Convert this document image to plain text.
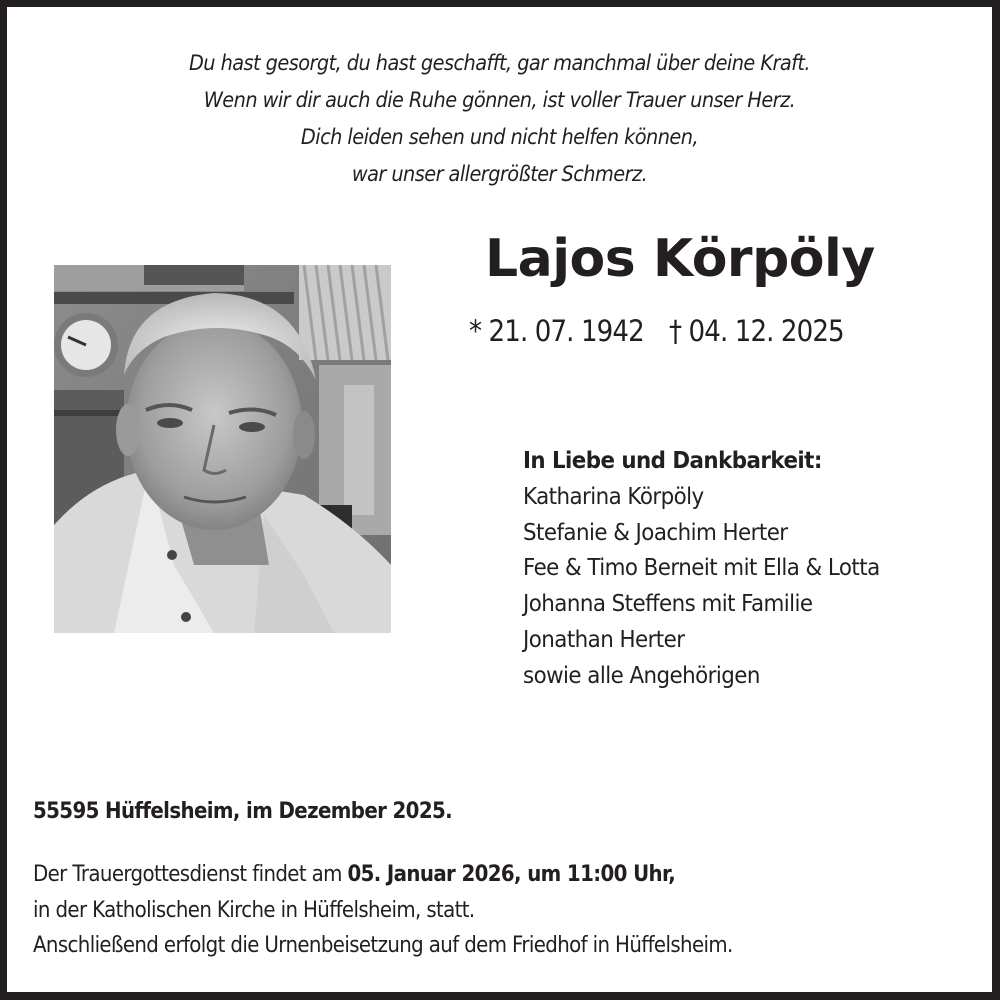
Du hast gesorgt, du hast geschafft, gar manchmal über deine Kraft.
Wenn wir dir auch die Ruhe gönnen, ist voller Trauer unser Herz.
Dich leiden sehen und nicht helfen können,
war unser allergrößter Schmerz.
Lajos Körpöly
* 21. 07. 1942 † 04. 12. 2025
In Liebe und Dankbarkeit:
Katharina Körpöly
Stefanie & Joachim Herter
Fee & Timo Berneit mit Ella & Lotta
Johanna Steffens mit Familie
Jonathan Herter
sowie alle Angehörigen
55595 Hüffelsheim, im Dezember 2025.
Der Trauergottesdienst findet am 05. Januar 2026, um 11:00 Uhr,
in der Katholischen Kirche in Hüffelsheim, statt.
Anschließend erfolgt die Urnenbeisetzung auf dem Friedhof in Hüffelsheim.
